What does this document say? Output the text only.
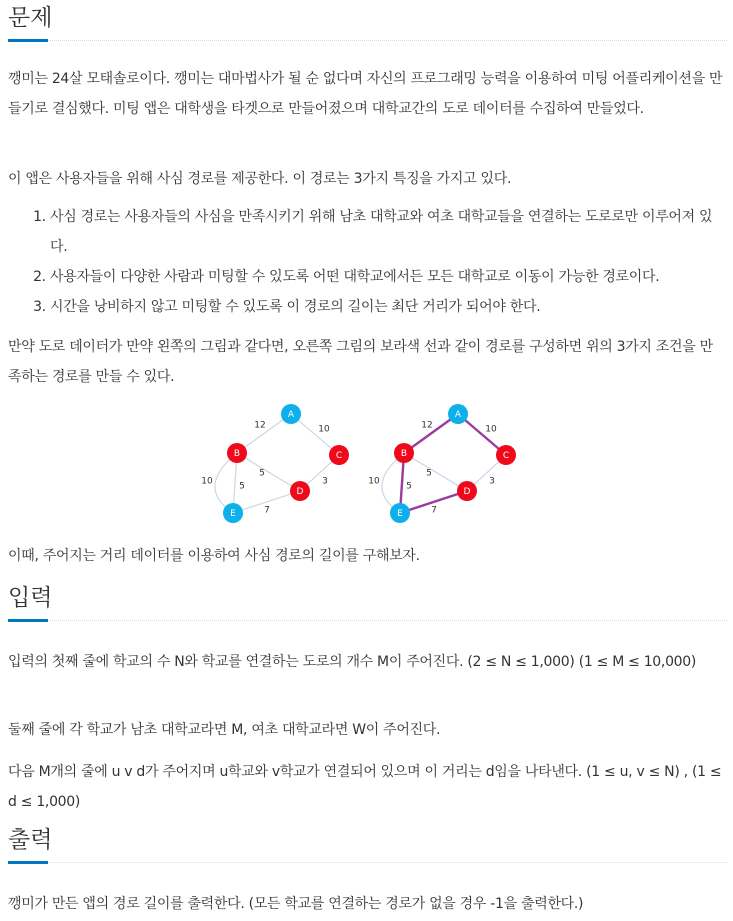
문제
깽미는 24살 모태솔로이다. 깽미는 대마법사가 될 순 없다며 자신의 프로그래밍 능력을 이용하여 미팅 어플리케이션을 만들기로 결심했다. 미팅 앱은 대학생을 타겟으로 만들어졌으며 대학교간의 도로 데이터를 수집하여 만들었다.
이 앱은 사용자들을 위해 사심 경로를 제공한다. 이 경로는 3가지 특징을 가지고 있다.
1. 사심 경로는 사용자들의 사심을 만족시키기 위해 남초 대학교와 여초 대학교들을 연결하는 도로로만 이루어져 있다.
2. 사용자들이 다양한 사람과 미팅할 수 있도록 어떤 대학교에서든 모든 대학교로 이동이 가능한 경로이다.
3. 시간을 낭비하지 않고 미팅할 수 있도록 이 경로의 길이는 최단 거리가 되어야 한다.
만약 도로 데이터가 만약 왼쪽의 그림과 같다면, 오른쪽 그림의 보라색 선과 같이 경로를 구성하면 위의 3가지 조건을 만족하는 경로를 만들 수 있다.
12	10
5
5
10	3
7
A
B	C
D
E
12	10
5
5
10	3
7
A
B	C
D
E
이때, 주어지는 거리 데이터를 이용하여 사심 경로의 길이를 구해보자.
입력
입력의 첫째 줄에 학교의 수 N와 학교를 연결하는 도로의 개수 M이 주어진다. (2 ≤ N ≤ 1,000) (1 ≤ M ≤ 10,000)
둘째 줄에 각 학교가 남초 대학교라면 M, 여초 대학교라면 W이 주어진다.
다음 M개의 줄에 u v d가 주어지며 u학교와 v학교가 연결되어 있으며 이 거리는 d임을 나타낸다. (1 ≤ u, v ≤ N) , (1 ≤ d ≤ 1,000)
출력
깽미가 만든 앱의 경로 길이를 출력한다. (모든 학교를 연결하는 경로가 없을 경우 -1을 출력한다.)
